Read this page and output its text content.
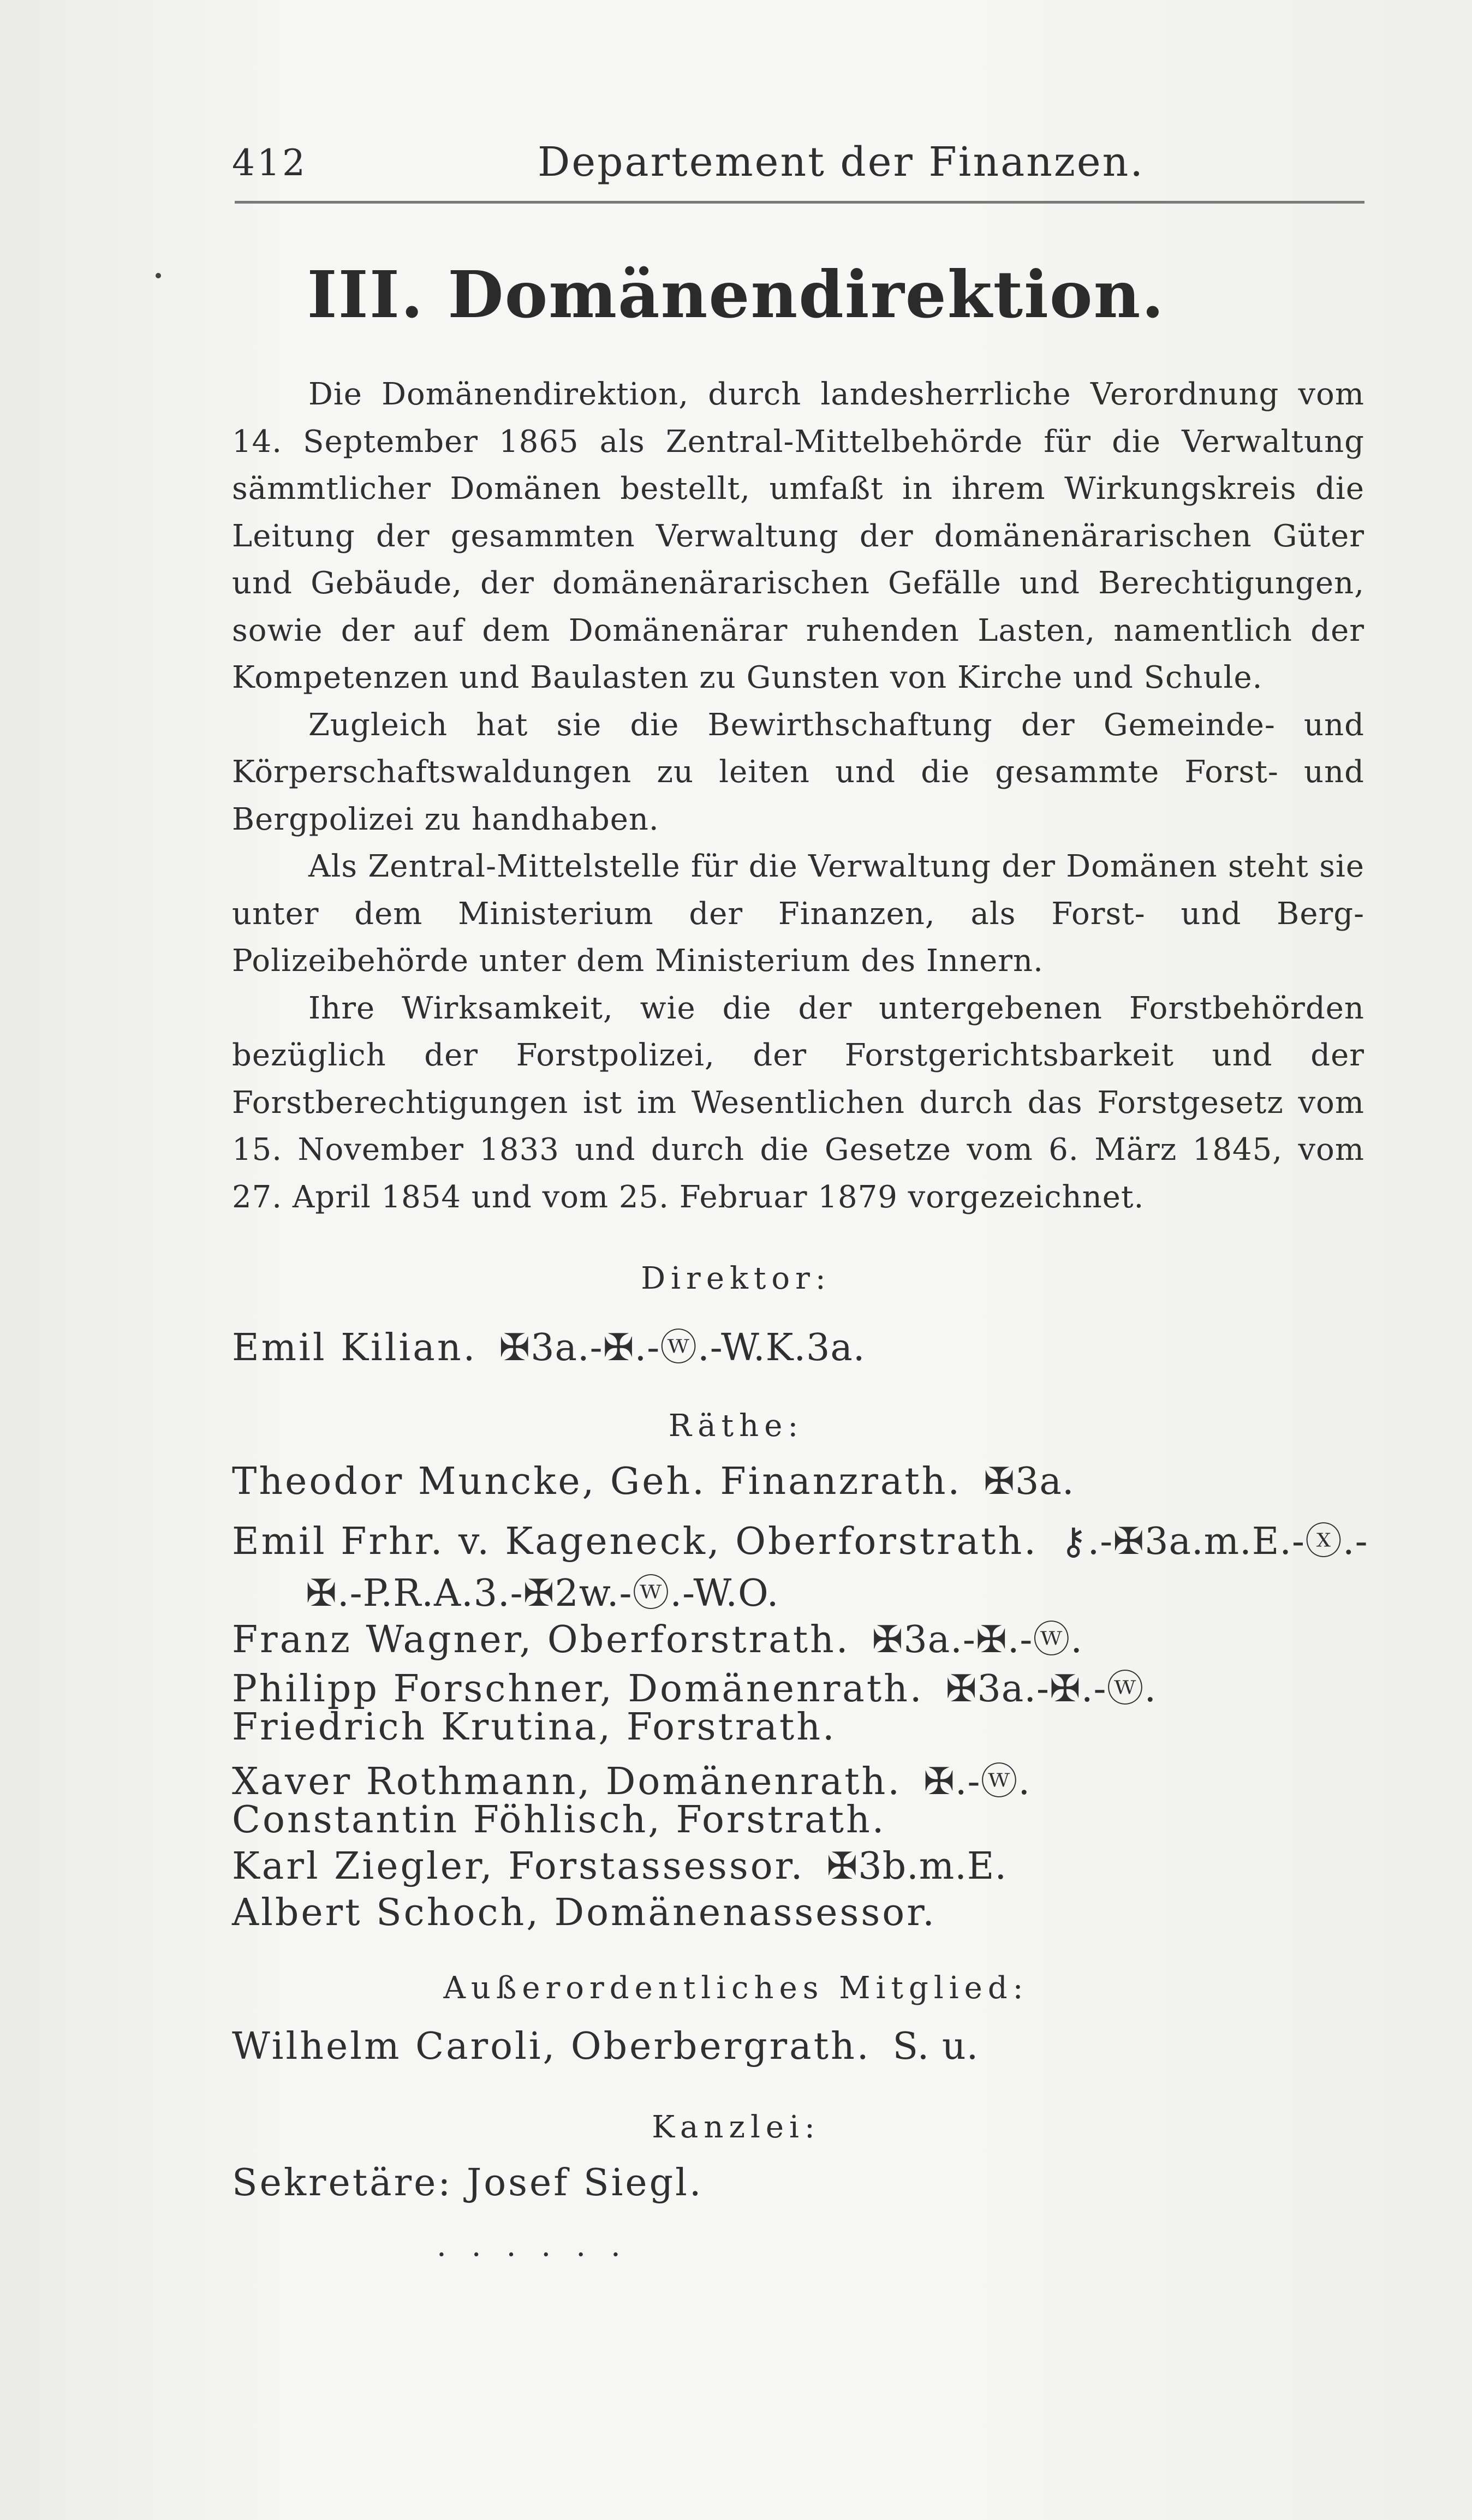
412	Departement der Finanzen.
III. Domänendirektion.

Die Domänendirektion, durch landesherrliche Verordnung vom 14. September 1865 als Zentral-Mittelbehörde für die Verwaltung sämmtlicher Domänen bestellt, umfaßt in ihrem Wirkungskreis die Leitung der gesammten Verwaltung der domänenärarischen Güter und Gebäude, der domänenärarischen Gefälle und Berechtigungen, sowie der auf dem Domänenärar ruhenden Lasten, namentlich der Kompetenzen und Baulasten zu Gunsten von Kirche und Schule.

Zugleich hat sie die Bewirthschaftung der Gemeinde- und Körperschaftswaldungen zu leiten und die gesammte Forst- und Bergpolizei zu handhaben.

Als Zentral-Mittelstelle für die Verwaltung der Domänen steht sie unter dem Ministerium der Finanzen, als Forst- und Berg-Polizeibehörde unter dem Ministerium des Innern.

Ihre Wirksamkeit, wie die der untergebenen Forstbehörden bezüglich der Forstpolizei, der Forstgerichtsbarkeit und der Forstberechtigungen ist im Wesentlichen durch das Forstgesetz vom 15. November 1833 und durch die Gesetze vom 6. März 1845, vom 27. April 1854 und vom 25. Februar 1879 vorgezeichnet.

Direktor:
Emil Kilian. ✠3a.-✠.-ⓦ.-W.K.3a.
Räthe:
Theodor Muncke, Geh. Finanzrath. ✠3a.
Emil Frhr. v. Kageneck, Oberforstrath. ⚷.-✠3a.m.E.-ⓧ.-
✠.-P.R.A.3.-✠2w.-ⓦ.-W.O.
Franz Wagner, Oberforstrath. ✠3a.-✠.-ⓦ.
Philipp Forschner, Domänenrath. ✠3a.-✠.-ⓦ.
Friedrich Krutina, Forstrath.
Xaver Rothmann, Domänenrath. ✠.-ⓦ.
Constantin Föhlisch, Forstrath.
Karl Ziegler, Forstassessor. ✠3b.m.E.
Albert Schoch, Domänenassessor.
Außerordentliches Mitglied:
Wilhelm Caroli, Oberbergrath. S. u.
Kanzlei:
Sekretäre: Josef Siegl.
......
